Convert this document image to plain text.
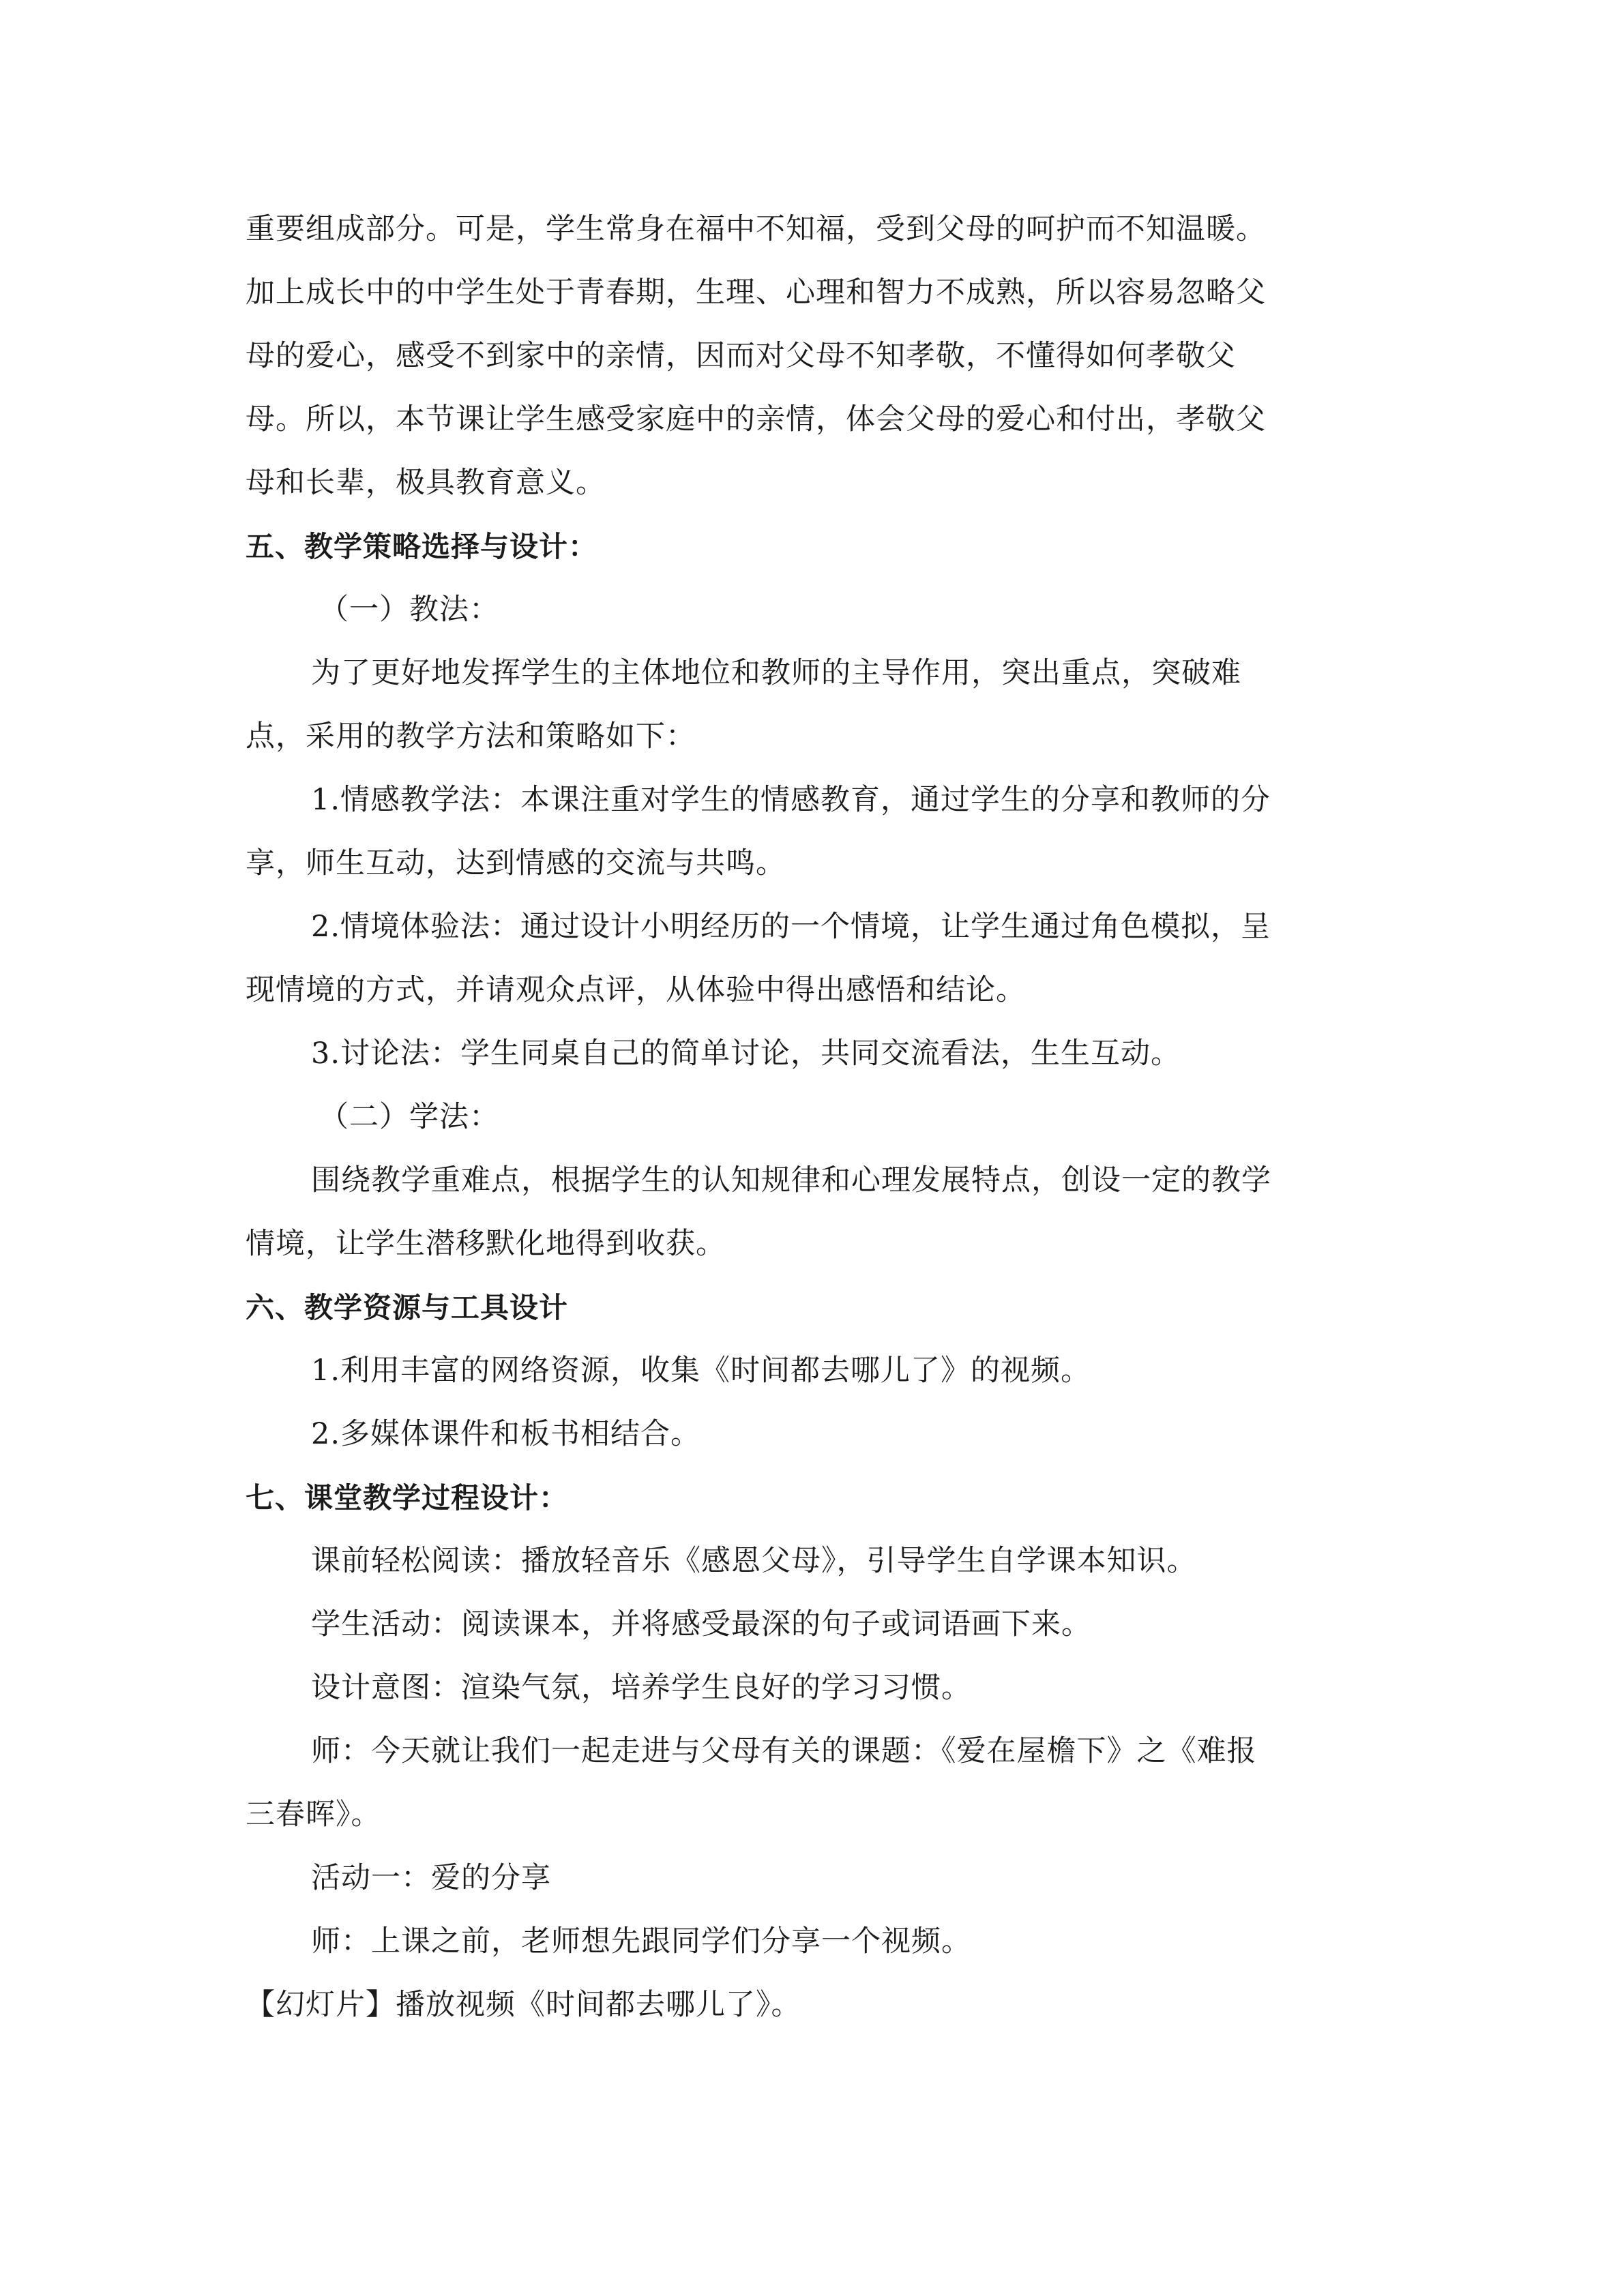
重要组成部分。可是，学生常身在福中不知福，受到父母的呵护而不知温暖。
加上成长中的中学生处于青春期，生理、心理和智力不成熟，所以容易忽略父
母的爱心，感受不到家中的亲情，因而对父母不知孝敬，不懂得如何孝敬父
母。所以，本节课让学生感受家庭中的亲情，体会父母的爱心和付出，孝敬父
母和长辈，极具教育意义。
五、教学策略选择与设计：
（一）教法：
为了更好地发挥学生的主体地位和教师的主导作用，突出重点，突破难
点，采用的教学方法和策略如下：
1.情感教学法：本课注重对学生的情感教育，通过学生的分享和教师的分
享，师生互动，达到情感的交流与共鸣。
2.情境体验法：通过设计小明经历的一个情境，让学生通过角色模拟，呈
现情境的方式，并请观众点评，从体验中得出感悟和结论。
3.讨论法：学生同桌自己的简单讨论，共同交流看法，生生互动。
（二）学法：
围绕教学重难点，根据学生的认知规律和心理发展特点，创设一定的教学
情境，让学生潜移默化地得到收获。
六、教学资源与工具设计
1.利用丰富的网络资源，收集《时间都去哪儿了》的视频。
2.多媒体课件和板书相结合。
七、课堂教学过程设计：
课前轻松阅读：播放轻音乐《感恩父母》，引导学生自学课本知识。
学生活动：阅读课本，并将感受最深的句子或词语画下来。
设计意图：渲染气氛，培养学生良好的学习习惯。
师：今天就让我们一起走进与父母有关的课题：《爱在屋檐下》之《难报
三春晖》。
活动一：爱的分享
师：上课之前，老师想先跟同学们分享一个视频。
【幻灯片】播放视频《时间都去哪儿了》。
